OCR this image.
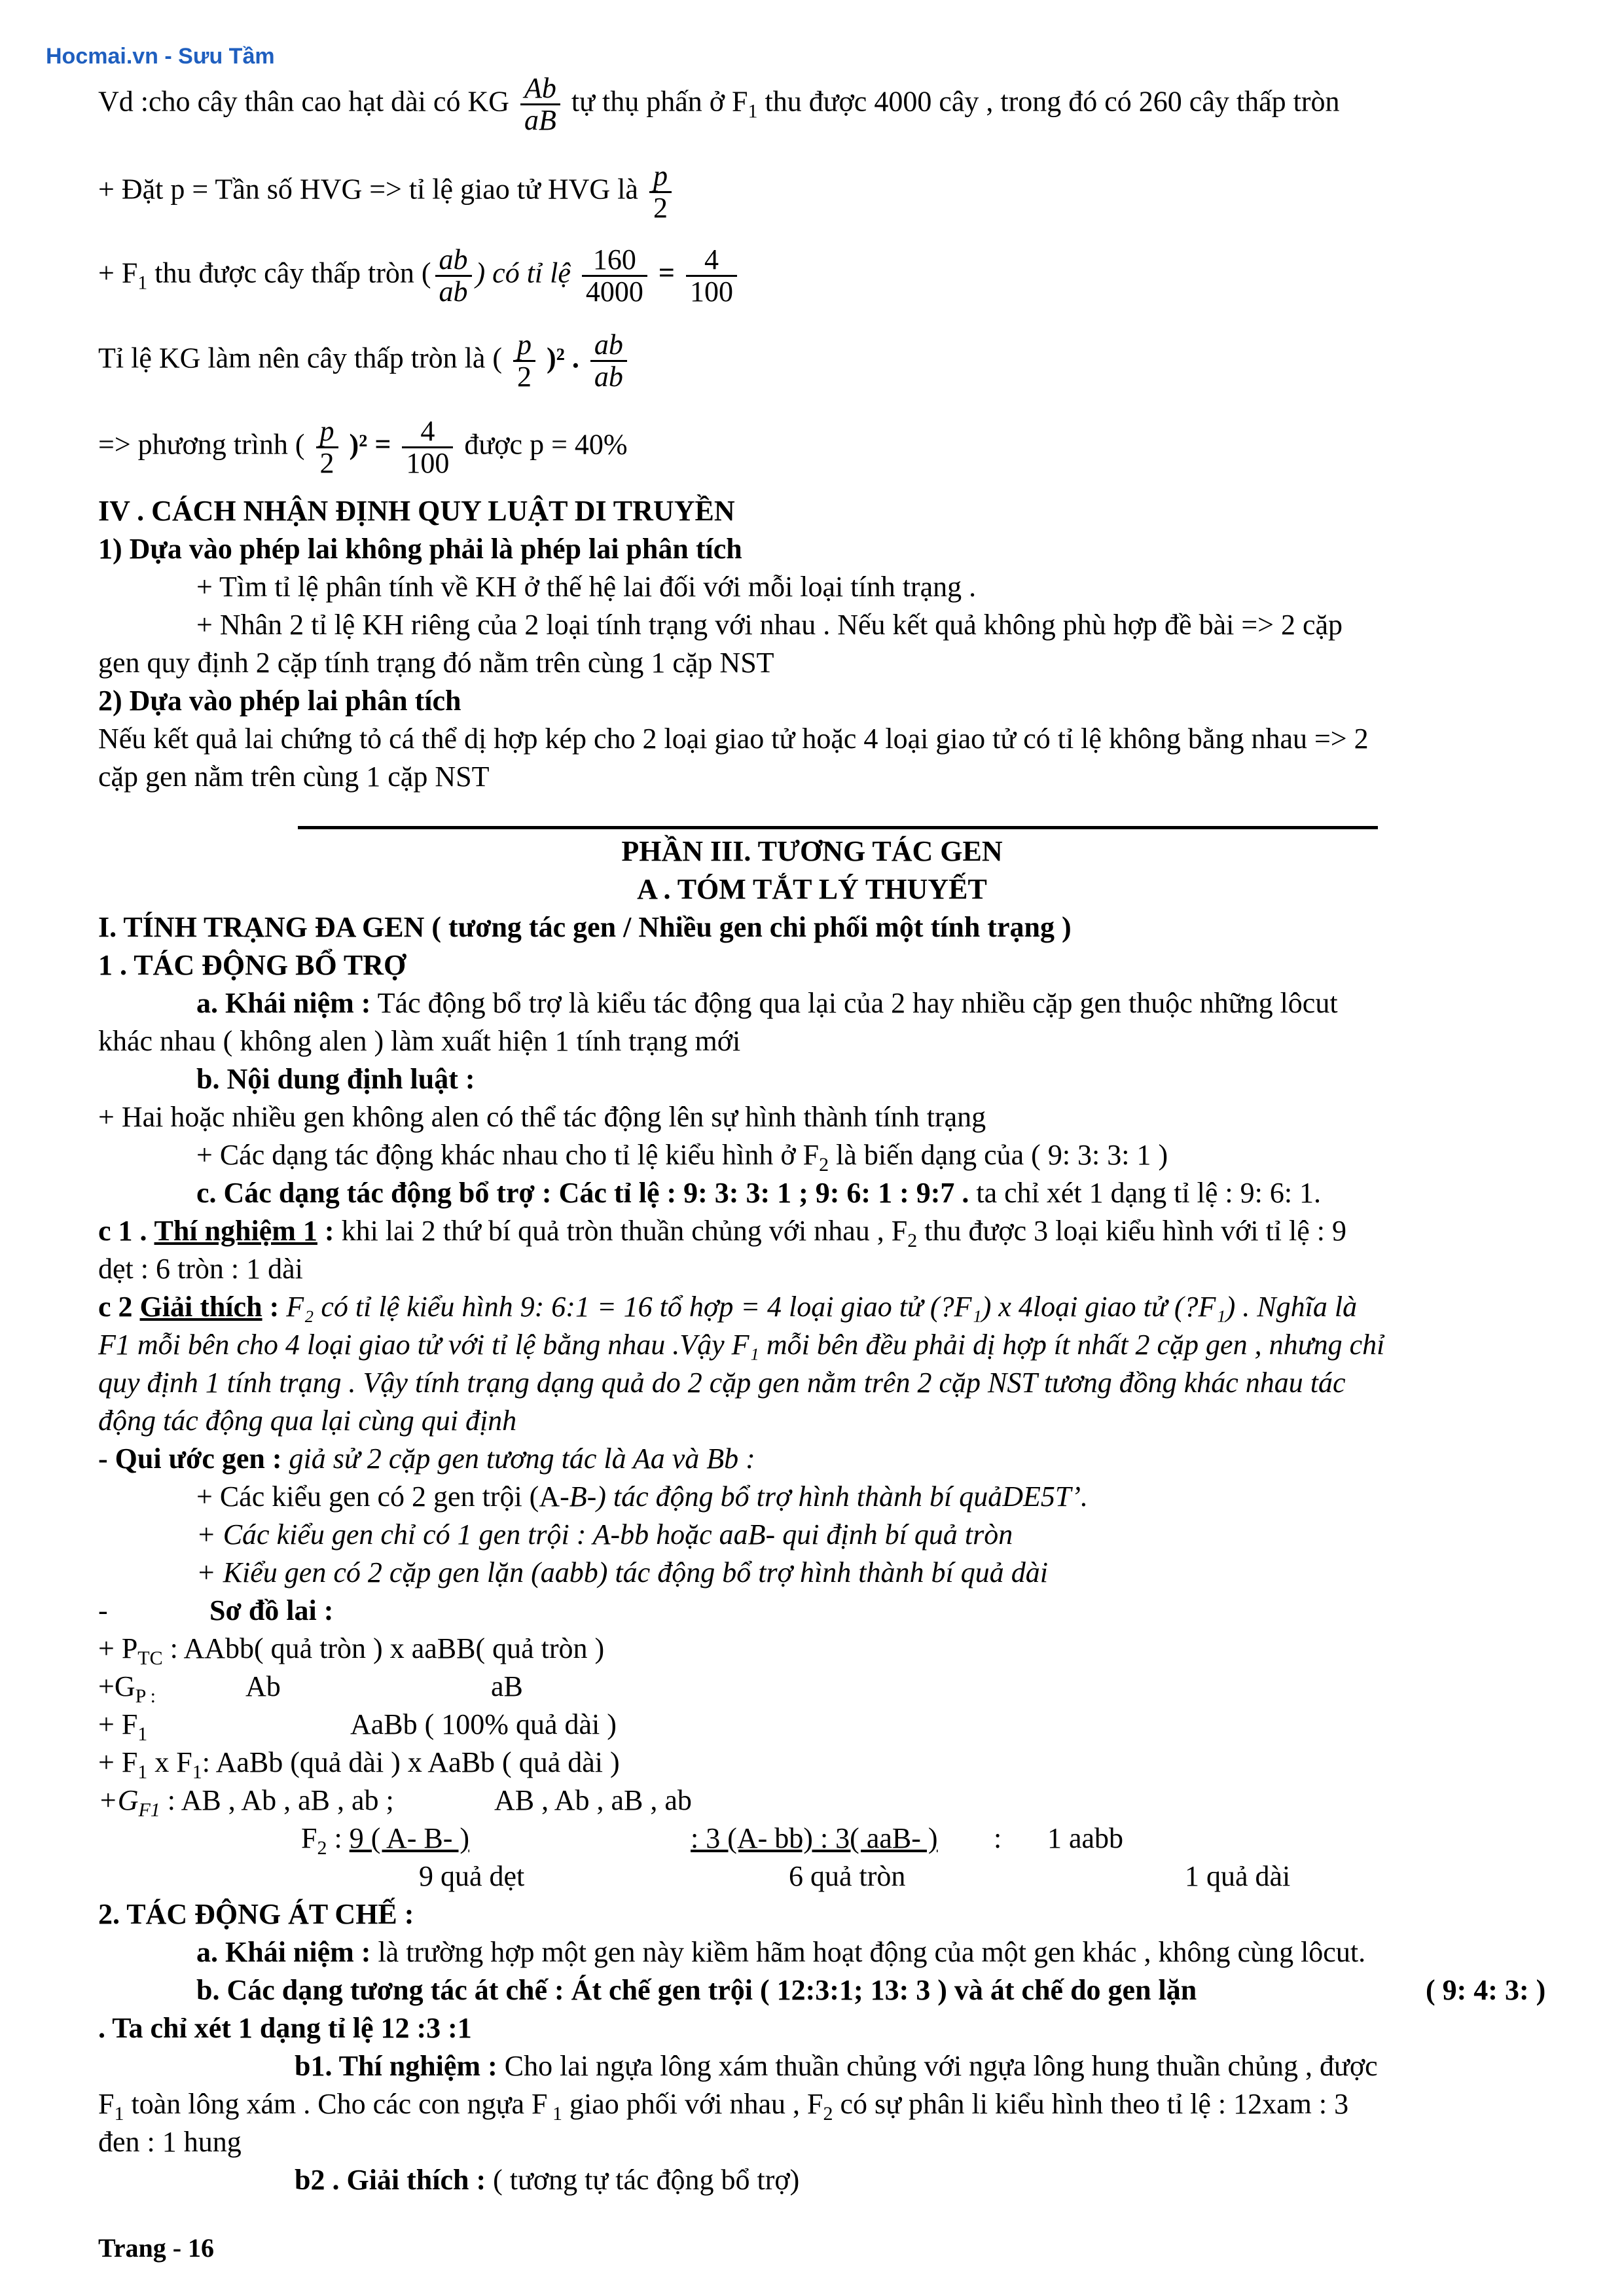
Hocmai.vn - Sưu Tầm
Vd :cho cây thân cao hạt dài có KG $\frac{Ab}{aB}$ tự thụ phấn ở $F_1$ thu được 4000 cây , trong đó có 260 cây thấp tròn
+ Đặt p = Tần số HVG => tỉ lệ giao tử HVG là $\frac{p}{2}$
+ $F_1$ thu được cây thấp tròn ( $\frac{ab}{ab}$ ) có tỉ lệ $\frac{160}{4000} = \frac{4}{100}$
Tỉ lệ KG làm nên cây thấp tròn là ( $\frac{p}{2} )^2$ . $\frac{ab}{ab}$
=> phương trình ( $\frac{p}{2} )^2 = \frac{4}{100}$ được p = 40%
IV . CÁCH NHẬN ĐỊNH QUY LUẬT DI TRUYỀN
1) Dựa vào phép lai không phải là phép lai phân tích
+ Tìm tỉ lệ phân tính về KH ở thế hệ lai đối với mỗi loại tính trạng .
+ Nhân 2 tỉ lệ KH riêng của 2 loại tính trạng với nhau . Nếu kết quả không phù hợp đề bài => 2 cặp
gen quy định 2 cặp tính trạng đó nằm trên cùng 1 cặp NST
2) Dựa vào phép lai phân tích
Nếu kết quả lai chứng tỏ cá thể dị hợp kép cho 2 loại giao tử hoặc 4 loại giao tử có tỉ lệ không bằng nhau => 2
cặp gen nằm trên cùng 1 cặp NST
PHẦN III. TƯƠNG TÁC GEN
A . TÓM TẮT LÝ THUYẾT
I. TÍNH TRẠNG ĐA GEN ( tương tác gen / Nhiều gen chi phối một tính trạng )
1 . TÁC ĐỘNG BỔ TRỢ
a. Khái niệm : Tác động bổ trợ là kiểu tác động qua lại của 2 hay nhiều cặp gen thuộc những lôcut
khác nhau ( không alen ) làm xuất hiện 1 tính trạng mới
b. Nội dung định luật :
+ Hai hoặc nhiều gen không alen có thể tác động lên sự hình thành tính trạng
+ Các dạng tác động khác nhau cho tỉ lệ kiểu hình ở $F_2$ là biến dạng của ( 9: 3: 3: 1 )
c. Các dạng tác động bổ trợ : Các tỉ lệ : 9: 3: 3: 1 ; 9: 6: 1 : 9:7 . ta chỉ xét 1 dạng tỉ lệ : 9: 6: 1.
c 1 . Thí nghiệm 1 : khi lai 2 thứ bí quả tròn thuần chủng với nhau , $F_2$ thu được 3 loại kiểu hình với tỉ lệ : 9
dẹt : 6 tròn : 1 dài
c 2 Giải thích : F₂ có tỉ lệ kiểu hình 9: 6:1 = 16 tổ hợp = 4 loại giao tử (?F₁) x 4loại giao tử (?F₁) . Nghĩa là
F1 mỗi bên cho 4 loại giao tử với tỉ lệ bằng nhau .Vậy F₁ mỗi bên đều phải dị hợp ít nhất 2 cặp gen , nhưng chỉ
quy định 1 tính trạng . Vậy tính trạng dạng quả do 2 cặp gen nằm trên 2 cặp NST tương đồng khác nhau tác
động tác động qua lại cùng qui định
- Qui ước gen : giả sử 2 cặp gen tương tác là Aa và Bb :
+ Các kiểu gen có 2 gen trội (A-B-) tác động bổ trợ hình thành bí quảDE5T’.
+ Các kiểu gen chỉ có 1 gen trội : A-bb hoặc aaB- qui định bí quả tròn
+ Kiểu gen có 2 cặp gen lặn (aabb) tác động bổ trợ hình thành bí quả dài
-	Sơ đồ lai :
+ $P_{TC}$ : AAbb( quả tròn ) x aaBB( quả tròn )
$+G_{P :}$	Ab	aB
+ $F_1$	AaBb ( 100% quả dài )
+ $F_1$ x $F_1$: AaBb (quả dài ) x AaBb ( quả dài )
$+G_{F1}$ : AB , Ab , aB , ab ;	AB , Ab , aB , ab
$F_2$ : 9 ( A- B- )	: 3 (A- bb) : 3( aaB- ) : 1 aabb
9 quả dẹt	6 quả tròn	1 quả dài
2. TÁC ĐỘNG ÁT CHẾ :
a. Khái niệm : là trường hợp một gen này kiềm hãm hoạt động của một gen khác , không cùng lôcut.
b. Các dạng tương tác át chế : Át chế gen trội ( 12:3:1; 13: 3 ) và át chế do gen lặn	( 9: 4: 3: )
. Ta chỉ xét 1 dạng tỉ lệ 12 :3 :1
b1. Thí nghiệm : Cho lai ngựa lông xám thuần chủng với ngựa lông hung thuần chủng , được
$F_1$ toàn lông xám . Cho các con ngựa F $_1$ giao phối với nhau , $F_2$ có sự phân li kiểu hình theo tỉ lệ : 12xam : 3
đen : 1 hung
b2 . Giải thích : ( tương tự tác động bổ trợ)
Trang - 16
